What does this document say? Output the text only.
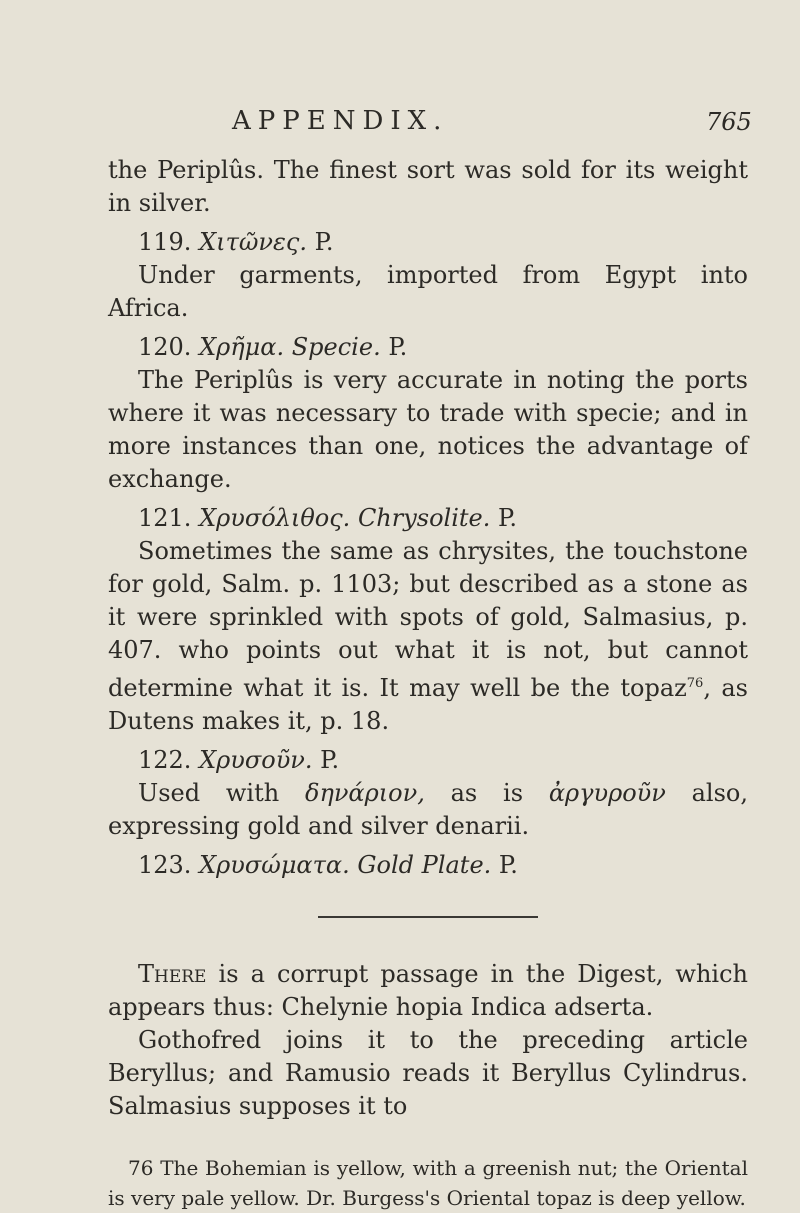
APPENDIX.	765

the Periplûs. The finest sort was sold for its weight in silver.

119. Χιτῶνες. P.

Under garments, imported from Egypt into Africa.

120. Χρῆμα. Specie. P.

The Periplûs is very accurate in noting the ports where it was necessary to trade with specie; and in more instances than one, notices the advantage of exchange.

121. Χρυσόλιθος. Chrysolite. P.

Sometimes the same as chrysites, the touchstone for gold, Salm. p. 1103; but described as a stone as it were sprinkled with spots of gold, Salmasius, p. 407. who points out what it is not, but cannot determine what it is. It may well be the topaz$^{76}$, as Dutens makes it, p. 18.

122. Χρυσοῦν. P.

Used with δηνάριον, as is ἀργυροῦν also, expressing gold and silver denarii.

123. Χρυσώματα. Gold Plate. P.

There is a corrupt passage in the Digest, which appears thus: Chelynie hopia Indica adserta.

Gothofred joins it to the preceding article Beryllus; and Ramusio reads it Beryllus Cylindrus. Salmasius supposes it to

76 The Bohemian is yellow, with a greenish nut; the Oriental is very pale yellow. Dr. Burgess's Oriental topaz is deep yellow.
